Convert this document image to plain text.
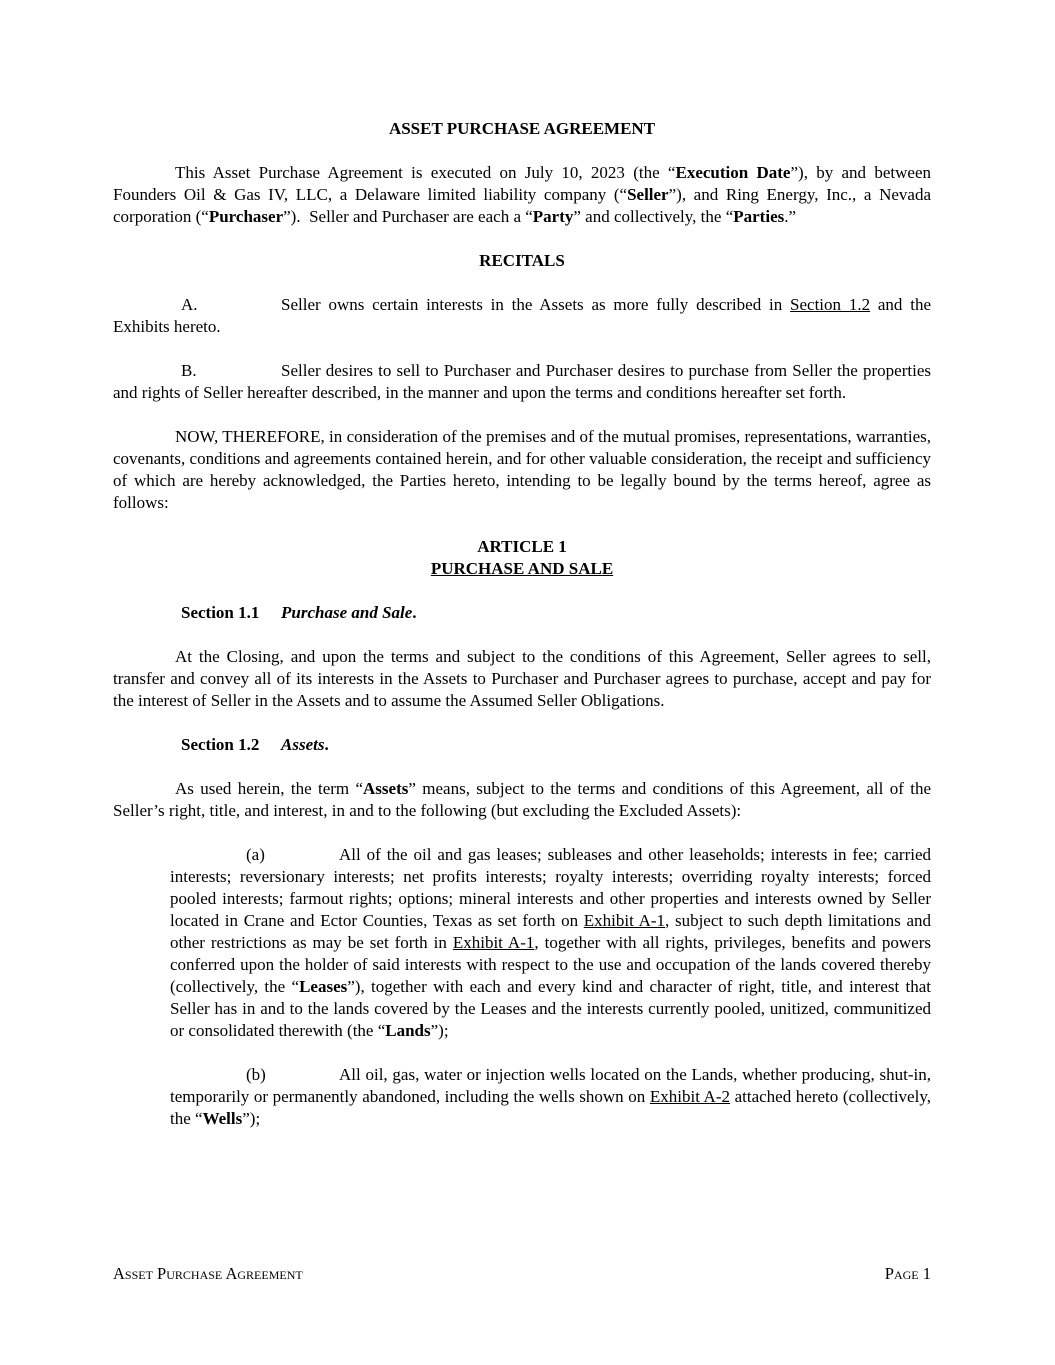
ASSET PURCHASE AGREEMENT
This Asset Purchase Agreement is executed on July 10, 2023 (the “Execution Date”), by and between Founders Oil & Gas IV, LLC, a Delaware limited liability company (“Seller”), and Ring Energy, Inc., a Nevada corporation (“Purchaser”).  Seller and Purchaser are each a “Party” and collectively, the “Parties.”
RECITALS
A.	Seller owns certain interests in the Assets as more fully described in Section 1.2 and the Exhibits hereto.
B.	Seller desires to sell to Purchaser and Purchaser desires to purchase from Seller the properties and rights of Seller hereafter described, in the manner and upon the terms and conditions hereafter set forth.
NOW, THEREFORE, in consideration of the premises and of the mutual promises, representations, warranties, covenants, conditions and agreements contained herein, and for other valuable consideration, the receipt and sufficiency of which are hereby acknowledged, the Parties hereto, intending to be legally bound by the terms hereof, agree as follows:
ARTICLE 1
PURCHASE AND SALE
Section 1.1 Purchase and Sale.
At the Closing, and upon the terms and subject to the conditions of this Agreement, Seller agrees to sell, transfer and convey all of its interests in the Assets to Purchaser and Purchaser agrees to purchase, accept and pay for the interest of Seller in the Assets and to assume the Assumed Seller Obligations.
Section 1.2 Assets.
As used herein, the term “Assets” means, subject to the terms and conditions of this Agreement, all of the Seller’s right, title, and interest, in and to the following (but excluding the Excluded Assets):
(a)	All of the oil and gas leases; subleases and other leaseholds; interests in fee; carried interests; reversionary interests; net profits interests; royalty interests; overriding royalty interests; forced pooled interests; farmout rights; options; mineral interests and other properties and interests owned by Seller located in Crane and Ector Counties, Texas as set forth on Exhibit A-1, subject to such depth limitations and other restrictions as may be set forth in Exhibit A-1, together with all rights, privileges, benefits and powers conferred upon the holder of said interests with respect to the use and occupation of the lands covered thereby (collectively, the “Leases”), together with each and every kind and character of right, title, and interest that Seller has in and to the lands covered by the Leases and the interests currently pooled, unitized, communitized or consolidated therewith (the “Lands”);
(b)	All oil, gas, water or injection wells located on the Lands, whether producing, shut-in, temporarily or permanently abandoned, including the wells shown on Exhibit A-2 attached hereto (collectively, the “Wells”);
Asset Purchase Agreement	Page 1
